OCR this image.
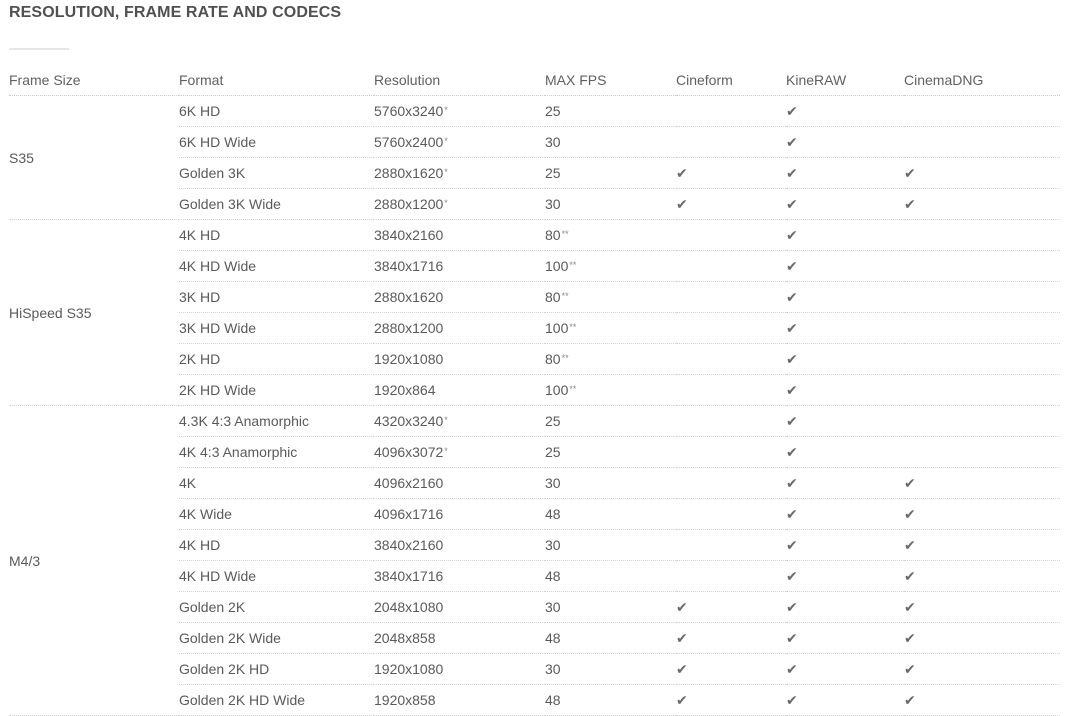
RESOLUTION, FRAME RATE AND CODECS
Frame Size	Format	Resolution	MAX FPS	Cineform	KineRAW	CinemaDNG
S35	6K HD	5760x3240*	25		✔	
	6K HD Wide	5760x2400*	30		✔	
	Golden 3K	2880x1620*	25	✔	✔	✔
	Golden 3K Wide	2880x1200*	30	✔	✔	✔
HiSpeed S35	4K HD	3840x2160	80**		✔	
	4K HD Wide	3840x1716	100**		✔	
	3K HD	2880x1620	80**		✔	
	3K HD Wide	2880x1200	100**		✔	
	2K HD	1920x1080	80**		✔	
	2K HD Wide	1920x864	100**		✔	
M4/3	4.3K 4:3 Anamorphic	4320x3240*	25		✔	
	4K 4:3 Anamorphic	4096x3072*	25		✔	
	4K	4096x2160	30		✔	✔
	4K Wide	4096x1716	48		✔	✔
	4K HD	3840x2160	30		✔	✔
	4K HD Wide	3840x1716	48		✔	✔
	Golden 2K	2048x1080	30	✔	✔	✔
	Golden 2K Wide	2048x858	48	✔	✔	✔
	Golden 2K HD	1920x1080	30	✔	✔	✔
	Golden 2K HD Wide	1920x858	48	✔	✔	✔
